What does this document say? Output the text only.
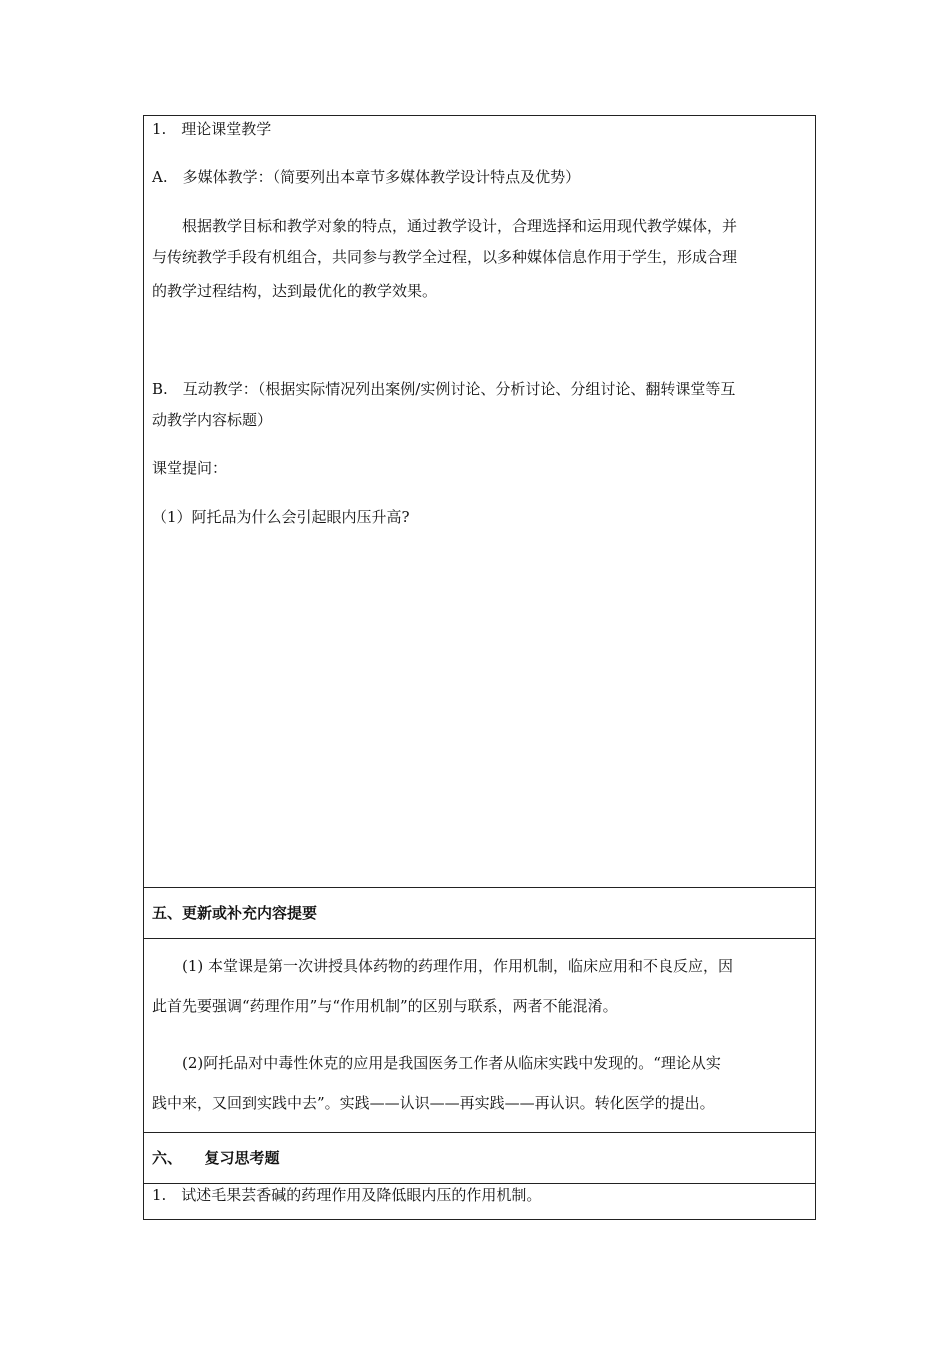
1.　理论课堂教学
A.　多媒体教学：（简要列出本章节多媒体教学设计特点及优势）
　　根据教学目标和教学对象的特点，通过教学设计，合理选择和运用现代教学媒体，并
与传统教学手段有机组合，共同参与教学全过程，以多种媒体信息作用于学生，形成合理
的教学过程结构，达到最优化的教学效果。
B.　互动教学：（根据实际情况列出案例/实例讨论、分析讨论、分组讨论、翻转课堂等互
动教学内容标题）
课堂提问：
（1）阿托品为什么会引起眼内压升高?
五、更新或补充内容提要
　　(1) 本堂课是第一次讲授具体药物的药理作用，作用机制，临床应用和不良反应，因
此首先要强调“药理作用”与“作用机制”的区别与联系，两者不能混淆。
　　(2)阿托品对中毒性休克的应用是我国医务工作者从临床实践中发现的。“理论从实
践中来，又回到实践中去”。实践——认识——再实践——再认识。转化医学的提出。
六、　　复习思考题
1.　试述毛果芸香碱的药理作用及降低眼内压的作用机制。
